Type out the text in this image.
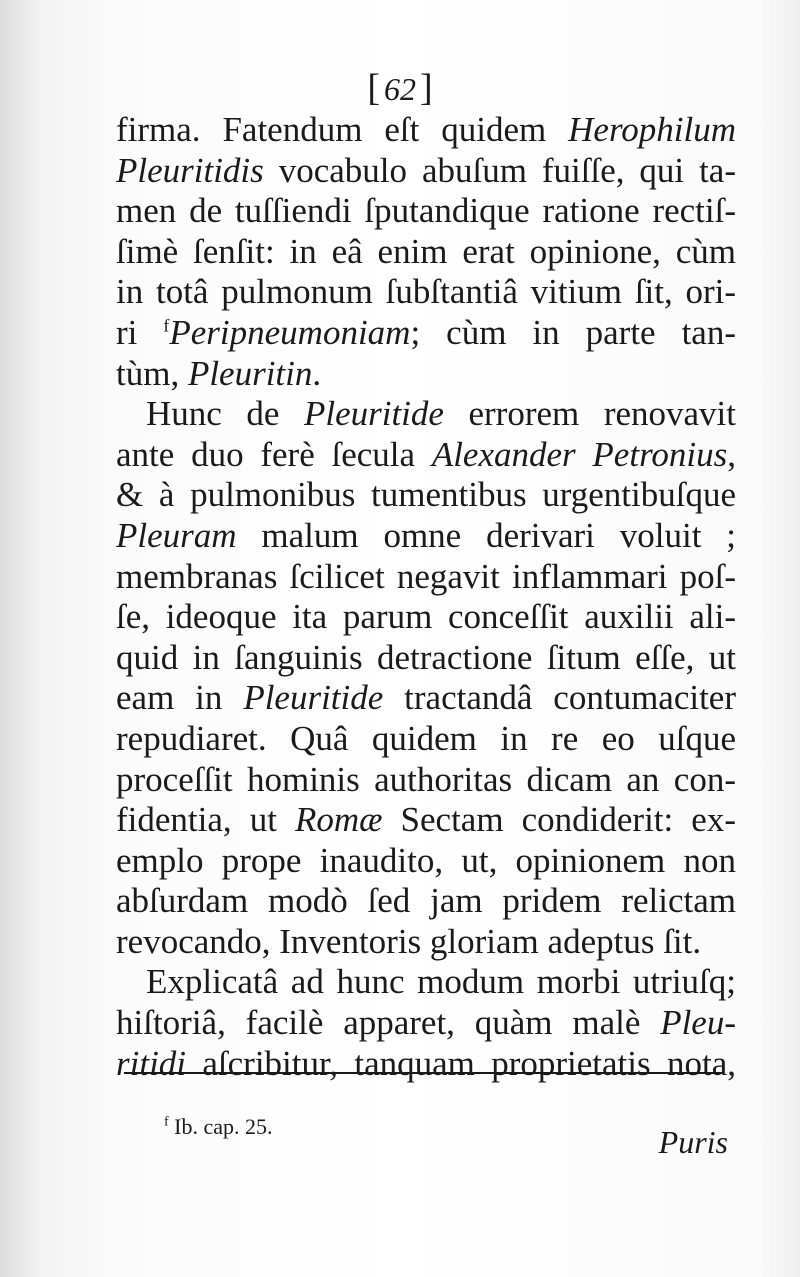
[ 62 ]
firma. Fatendum eſt quidem Herophilum
Pleuritidis vocabulo abuſum fuiſſe, qui ta-
men de tuſſiendi ſputandique ratione rectiſ-
ſimè ſenſit: in eâ enim erat opinione, cùm
in totâ pulmonum ſubſtantiâ vitium ſit, ori-
ri $^f$Peripneumoniam; cùm in parte tan-
tùm, Pleuritin.
Hunc de Pleuritide errorem renovavit
ante duo ferè ſecula Alexander Petronius,
& à pulmonibus tumentibus urgentibuſque
Pleuram malum omne derivari voluit ;
membranas ſcilicet negavit inflammari poſ-
ſe, ideoque ita parum conceſſit auxilii ali-
quid in ſanguinis detractione ſitum eſſe, ut
eam in Pleuritide tractandâ contumaciter
repudiaret. Quâ quidem in re eo uſque
proceſſit hominis authoritas dicam an con-
fidentia, ut Romæ Sectam condiderit: ex-
emplo prope inaudito, ut, opinionem non
abſurdam modò ſed jam pridem relictam
revocando, Inventoris gloriam adeptus ſit.
Explicatâ ad hunc modum morbi utriuſq;
hiſtoriâ, facilè apparet, quàm malè Pleu-
ritidi aſcribitur, tanquam proprietatis nota,
$^f$ Ib. cap. 25.	Puris
